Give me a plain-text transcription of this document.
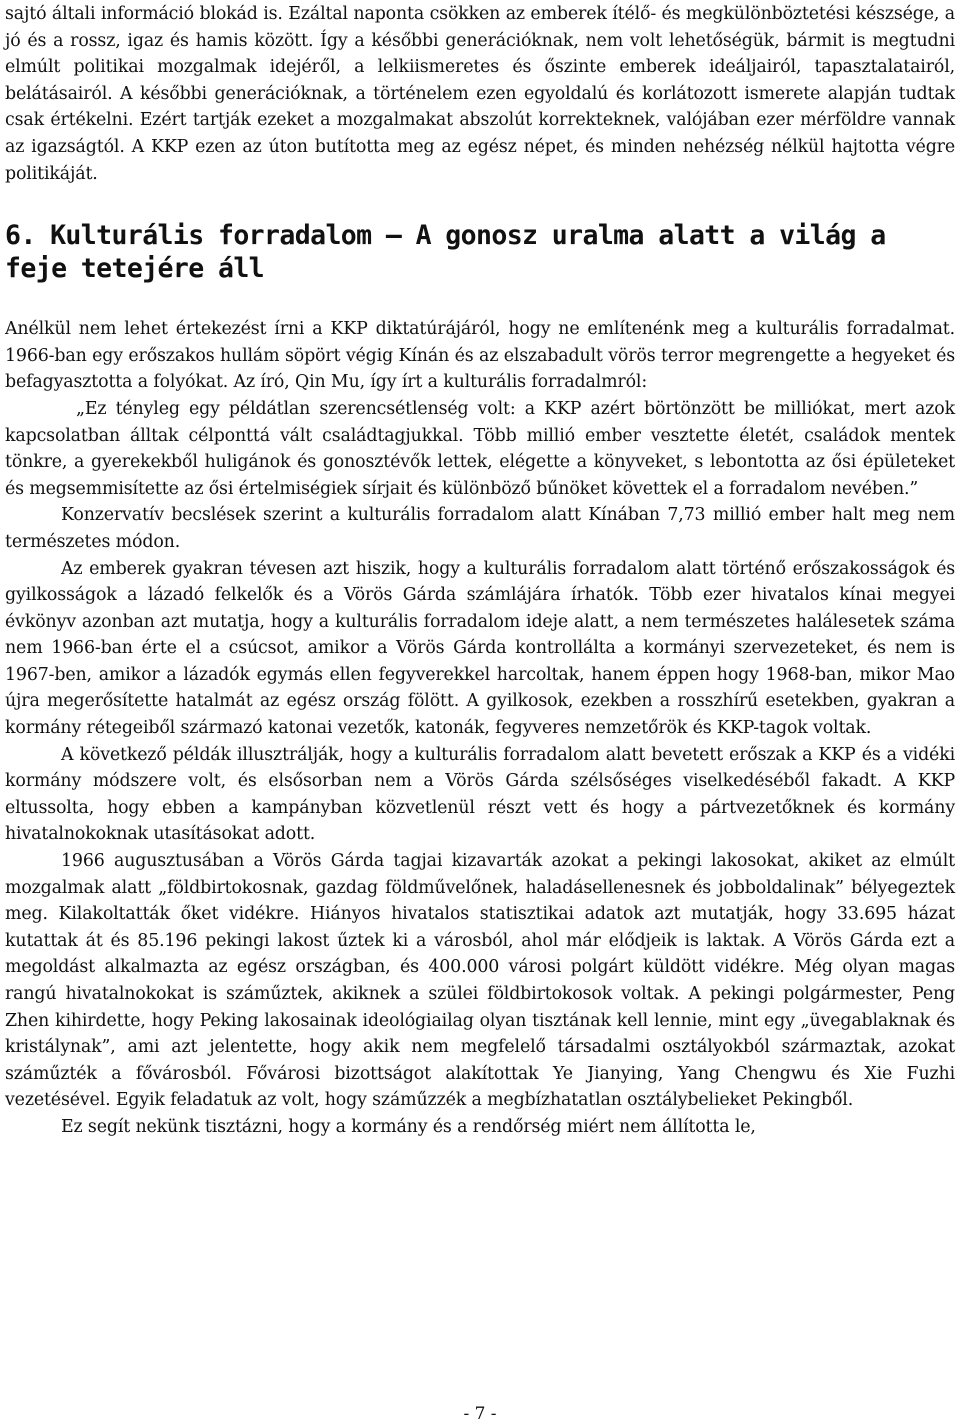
sajtó általi információ blokád is. Ezáltal naponta csökken az emberek ítélő- és megkülönböztetési készsége, a jó és a rossz, igaz és hamis között. Így a későbbi generációknak, nem volt lehetőségük, bármit is megtudni elmúlt politikai mozgalmak idejéről, a lelkiismeretes és őszinte emberek ideáljairól, tapasztalatairól, belátásairól. A későbbi generációknak, a történelem ezen egyoldalú és korlátozott ismerete alapján tudtak csak értékelni. Ezért tartják ezeket a mozgalmakat abszolút korrekteknek, valójában ezer mérföldre vannak az igazságtól. A KKP ezen az úton butította meg az egész népet, és minden nehézség nélkül hajtotta végre politikáját.

6. Kulturális forradalom – A gonosz uralma alatt a világ a feje tetejére áll

Anélkül nem lehet értekezést írni a KKP diktatúrájáról, hogy ne említenénk meg a kulturális forradalmat. 1966-ban egy erőszakos hullám söpört végig Kínán és az elszabadult vörös terror megrengette a hegyeket és befagyasztotta a folyókat. Az író, Qin Mu, így írt a kulturális forradalmról:

„Ez tényleg egy példátlan szerencsétlenség volt: a KKP azért börtönzött be milliókat, mert azok kapcsolatban álltak célponttá vált családtagjukkal. Több millió ember vesztette életét, családok mentek tönkre, a gyerekekből huligánok és gonosztévők lettek, elégette a könyveket, s lebontotta az ősi épületeket és megsemmisítette az ősi értelmiségiek sírjait és különböző bűnöket követtek el a forradalom nevében.”

Konzervatív becslések szerint a kulturális forradalom alatt Kínában 7,73 millió ember halt meg nem természetes módon.

Az emberek gyakran tévesen azt hiszik, hogy a kulturális forradalom alatt történő erőszakosságok és gyilkosságok a lázadó felkelők és a Vörös Gárda számlájára írhatók. Több ezer hivatalos kínai megyei évkönyv azonban azt mutatja, hogy a kulturális forradalom ideje alatt, a nem természetes halálesetek száma nem 1966-ban érte el a csúcsot, amikor a Vörös Gárda kontrollálta a kormányi szervezeteket, és nem is 1967-ben, amikor a lázadók egymás ellen fegyverekkel harcoltak, hanem éppen hogy 1968-ban, mikor Mao újra megerősítette hatalmát az egész ország fölött. A gyilkosok, ezekben a rosszhírű esetekben, gyakran a kormány rétegeiből származó katonai vezetők, katonák, fegyveres nemzetőrök és KKP-tagok voltak.

A következő példák illusztrálják, hogy a kulturális forradalom alatt bevetett erőszak a KKP és a vidéki kormány módszere volt, és elsősorban nem a Vörös Gárda szélsőséges viselkedéséből fakadt. A KKP eltussolta, hogy ebben a kampányban közvetlenül részt vett és hogy a pártvezetőknek és kormány hivatalnokoknak utasításokat adott.

1966 augusztusában a Vörös Gárda tagjai kizavarták azokat a pekingi lakosokat, akiket az elmúlt mozgalmak alatt „földbirtokosnak, gazdag földművelőnek, haladásellenesnek és jobboldalinak” bélyegeztek meg. Kilakoltatták őket vidékre. Hiányos hivatalos statisztikai adatok azt mutatják, hogy 33.695 házat kutattak át és 85.196 pekingi lakost űztek ki a városból, ahol már elődjeik is laktak. A Vörös Gárda ezt a megoldást alkalmazta az egész országban, és 400.000 városi polgárt küldött vidékre. Még olyan magas rangú hivatalnokokat is száműztek, akiknek a szülei földbirtokosok voltak. A pekingi polgármester, Peng Zhen kihirdette, hogy Peking lakosainak ideológiailag olyan tisztának kell lennie, mint egy „üvegablaknak és kristálynak”, ami azt jelentette, hogy akik nem megfelelő társadalmi osztályokból származtak, azokat száműzték a fővárosból. Fővárosi bizottságot alakítottak Ye Jianying, Yang Chengwu és Xie Fuzhi vezetésével. Egyik feladatuk az volt, hogy száműzzék a megbízhatatlan osztálybelieket Pekingből.

Ez segít nekünk tisztázni, hogy a kormány és a rendőrség miért nem állította le,

- 7 -
